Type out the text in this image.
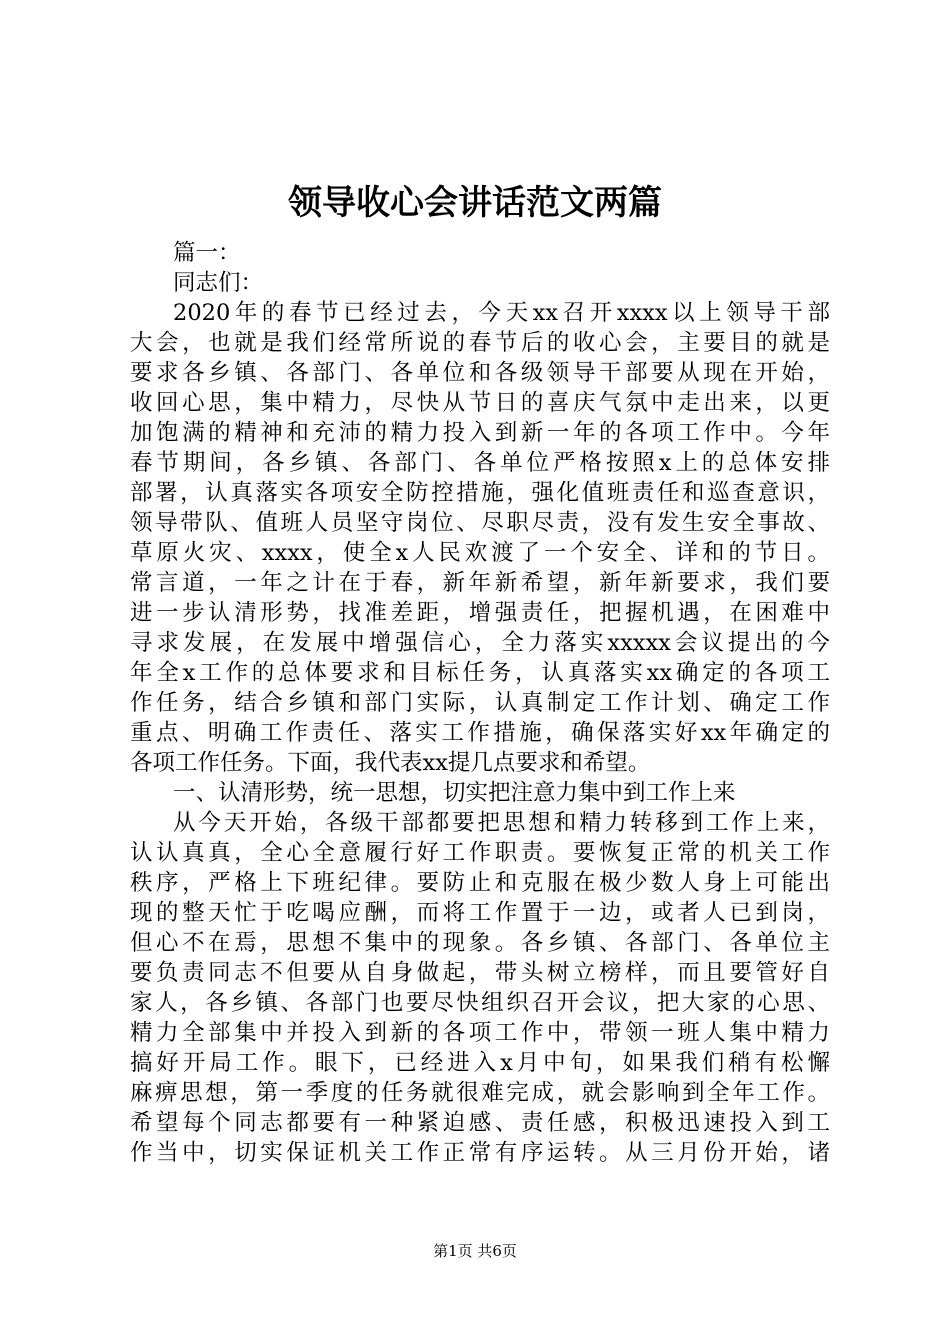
领导收心会讲话范文两篇
篇一：
同志们：
2020年的春节已经过去，今天xx召开xxxx以上领导干部
大会，也就是我们经常所说的春节后的收心会，主要目的就是
要求各乡镇、各部门、各单位和各级领导干部要从现在开始，
收回心思，集中精力，尽快从节日的喜庆气氛中走出来，以更
加饱满的精神和充沛的精力投入到新一年的各项工作中。今年
春节期间，各乡镇、各部门、各单位严格按照x上的总体安排
部署，认真落实各项安全防控措施，强化值班责任和巡查意识，
领导带队、值班人员坚守岗位、尽职尽责，没有发生安全事故、
草原火灾、xxxx，使全x人民欢渡了一个安全、详和的节日。
常言道，一年之计在于春，新年新希望，新年新要求，我们要
进一步认清形势，找准差距，增强责任，把握机遇，在困难中
寻求发展，在发展中增强信心，全力落实xxxxx会议提出的今
年全x工作的总体要求和目标任务，认真落实xx确定的各项工
作任务，结合乡镇和部门实际，认真制定工作计划、确定工作
重点、明确工作责任、落实工作措施，确保落实好xx年确定的
各项工作任务。下面，我代表xx提几点要求和希望。
一、认清形势，统一思想，切实把注意力集中到工作上来
从今天开始，各级干部都要把思想和精力转移到工作上来，
认认真真，全心全意履行好工作职责。要恢复正常的机关工作
秩序，严格上下班纪律。要防止和克服在极少数人身上可能出
现的整天忙于吃喝应酬，而将工作置于一边，或者人已到岗，
但心不在焉，思想不集中的现象。各乡镇、各部门、各单位主
要负责同志不但要从自身做起，带头树立榜样，而且要管好自
家人，各乡镇、各部门也要尽快组织召开会议，把大家的心思、
精力全部集中并投入到新的各项工作中，带领一班人集中精力
搞好开局工作。眼下，已经进入x月中旬，如果我们稍有松懈
麻痹思想，第一季度的任务就很难完成，就会影响到全年工作。
希望每个同志都要有一种紧迫感、责任感，积极迅速投入到工
作当中，切实保证机关工作正常有序运转。从三月份开始，诸
第1页 共6页
